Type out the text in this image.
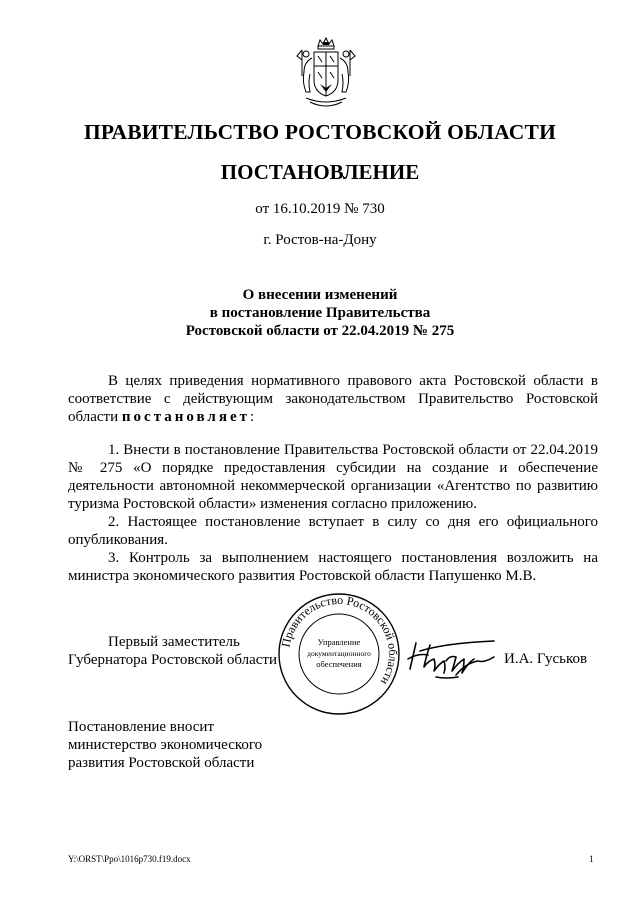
ПРАВИТЕЛЬСТВО РОСТОВСКОЙ ОБЛАСТИ
ПОСТАНОВЛЕНИЕ
от 16.10.2019 № 730
г. Ростов-на-Дону
О внесении изменений
в постановление Правительства
Ростовской области от 22.04.2019 № 275

В целях приведения нормативного правового акта Ростовской области в соответствие с действующим законодательством Правительство Ростовской области постановляет:

1. Внести в постановление Правительства Ростовской области от 22.04.2019 № 275 «О порядке предоставления субсидии на создание и обеспечение деятельности автономной некоммерческой организации «Агентство по развитию туризма Ростовской области» изменения согласно приложению.

2. Настоящее постановление вступает в силу со дня его официального опубликования.

3. Контроль за выполнением настоящего постановления возложить на министра экономического развития Ростовской области Папушенко М.В.

Первый заместитель
Губернатора Ростовской области
Правительство Ростовской области
Управление
документационного
обеспечения	И.А. Гуськов
Постановление вносит
министерство экономического
развития Ростовской области
Y:\ORST\Ppo\1016p730.f19.docx	1
